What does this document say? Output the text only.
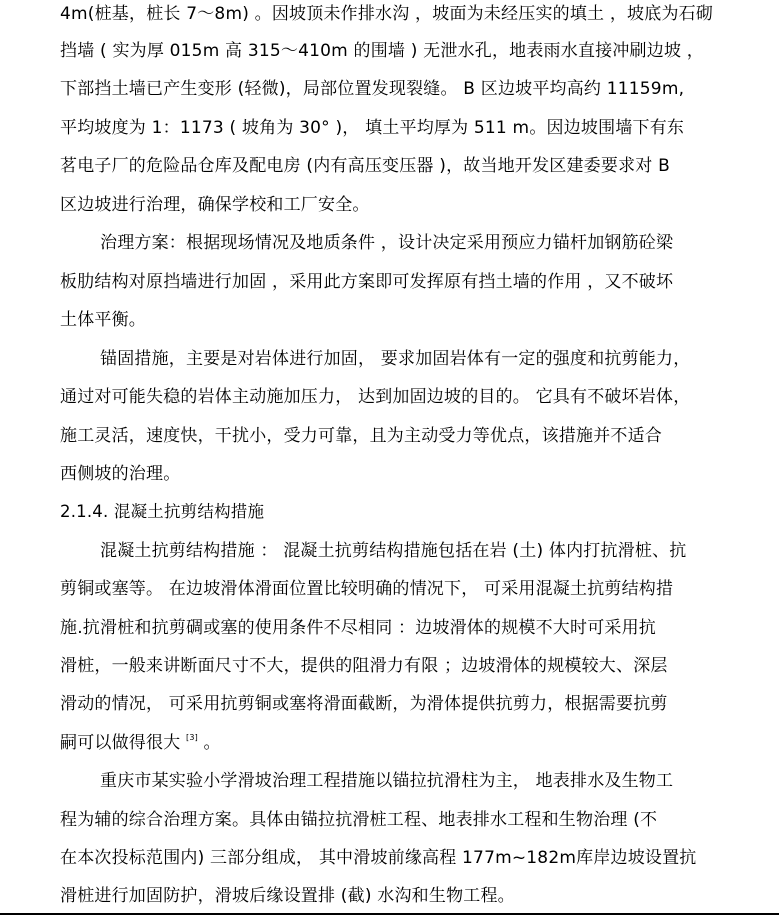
4m(桩基，桩长 7～8m) 。因坡顶未作排水沟 ，坡面为未经压实的填土 ，坡底为石砌
挡墙 ( 实为厚 015m 高 315～410m 的围墙 ) 无泄水孔，地表雨水直接冲刷边坡 ，
下部挡土墙已产生变形 (轻微)，局部位置发现裂缝。 B 区边坡平均高约 11159m,
平均坡度为 1：1173 ( 坡角为 30° )， 填土平均厚为 511 m。因边坡围墙下有东
茗电子厂的危险品仓库及配电房 (内有高压变压器 )，故当地开发区建委要求对 B
区边坡进行治理，确保学校和工厂安全。
治理方案：根据现场情况及地质条件 ，设计决定采用预应力锚杆加钢筋砼梁
板肋结构对原挡墙进行加固 ，采用此方案即可发挥原有挡土墙的作用 ，又不破坏
土体平衡。
锚固措施，主要是对岩体进行加固， 要求加固岩体有一定的强度和抗剪能力，
通过对可能失稳的岩体主动施加压力， 达到加固边坡的目的。 它具有不破坏岩体，
施工灵活，速度快，干扰小，受力可靠，且为主动受力等优点，该措施并不适合
西侧坡的治理。
2.1.4. 混凝土抗剪结构措施
混凝土抗剪结构措施 ： 混凝土抗剪结构措施包括在岩 (土) 体内打抗滑桩、抗
剪铜或塞等。 在边坡滑体滑面位置比较明确的情况下， 可采用混凝土抗剪结构措
施.抗滑桩和抗剪碉或塞的使用条件不尽相同 ：边坡滑体的规模不大时可采用抗
滑桩，一般来讲断面尺寸不大，提供的阻滑力有限 ；边坡滑体的规模较大、深层
滑动的情况， 可采用抗剪铜或塞将滑面截断，为滑体提供抗剪力，根据需要抗剪
嗣可以做得很大 [3] 。
重庆市某实验小学滑坡治理工程措施以锚拉抗滑柱为主， 地表排水及生物工
程为辅的综合治理方案。具体由锚拉抗滑桩工程、地表排水工程和生物治理 (不
在本次投标范围内) 三部分组成， 其中滑坡前缘高程 177m~182m库岸边坡设置抗
滑桩进行加固防护，滑坡后缘设置排 (截) 水沟和生物工程。
